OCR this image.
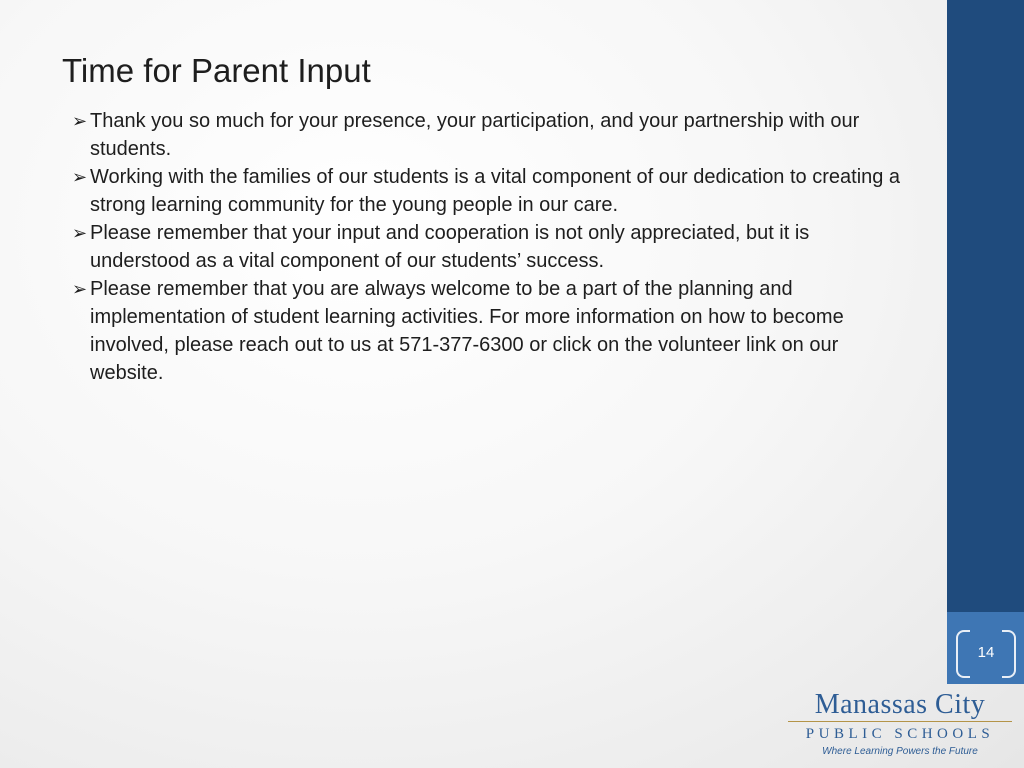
14
Time for Parent Input
➢ Thank you so much for your presence, your participation, and your partnership with our students.
➢ Working with the families of our students is a vital component of our dedication to creating a strong learning community for the young people in our care.
➢ Please remember that your input and cooperation is not only appreciated, but it is understood as a vital component of our students’ success.
➢ Please remember that you are always welcome to be a part of the planning and implementation of student learning activities. For more information on how to become involved, please reach out to us at 571-377-6300 or click on the volunteer link on our website.
Manassas City
PUBLIC SCHOOLS
Where Learning Powers the Future
